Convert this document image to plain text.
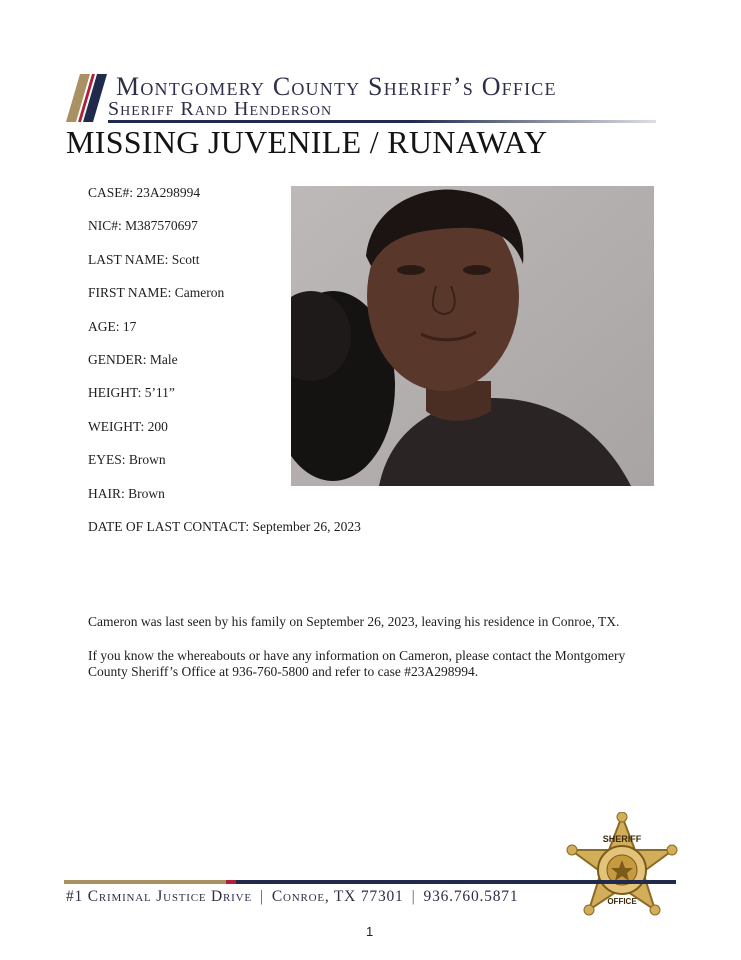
Montgomery County Sheriff’s Office
Sheriff Rand Henderson
MISSING JUVENILE / RUNAWAY
CASE#: 23A298994
NIC#: M387570697
LAST NAME: Scott
FIRST NAME: Cameron
AGE: 17
GENDER: Male
HEIGHT: 5’11”
WEIGHT: 200
EYES: Brown
HAIR: Brown
DATE OF LAST CONTACT: September 26, 2023
Cameron was last seen by his family on September 26, 2023, leaving his residence in Conroe, TX.
If you know the whereabouts or have any information on Cameron, please contact the Montgomery County Sheriff’s Office at 936-760-5800 and refer to case #23A298994.
SHERIFF
OFFICE
#1 Criminal Justice Drive | Conroe, TX 77301 | 936.760.5871
1
